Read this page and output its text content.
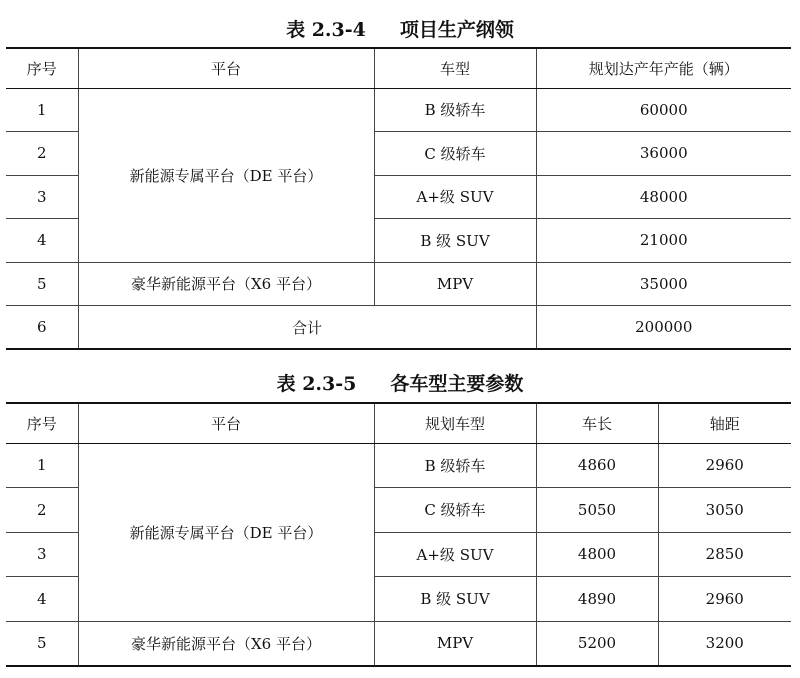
表 2.3-4 项目生产纲领
序号	平台	车型	规划达产年产能（辆）
1	新能源专属平台（DE 平台）	B 级轿车	60000
2		C 级轿车	36000
3		A+级 SUV	48000
4		B 级 SUV	21000
5	豪华新能源平台（X6 平台）	MPV	35000
6	合计		200000
表 2.3-5 各车型主要参数
序号	平台	规划车型	车长	轴距
1	新能源专属平台（DE 平台）	B 级轿车	4860	2960
2		C 级轿车	5050	3050
3		A+级 SUV	4800	2850
4		B 级 SUV	4890	2960
5	豪华新能源平台（X6 平台）	MPV	5200	3200
